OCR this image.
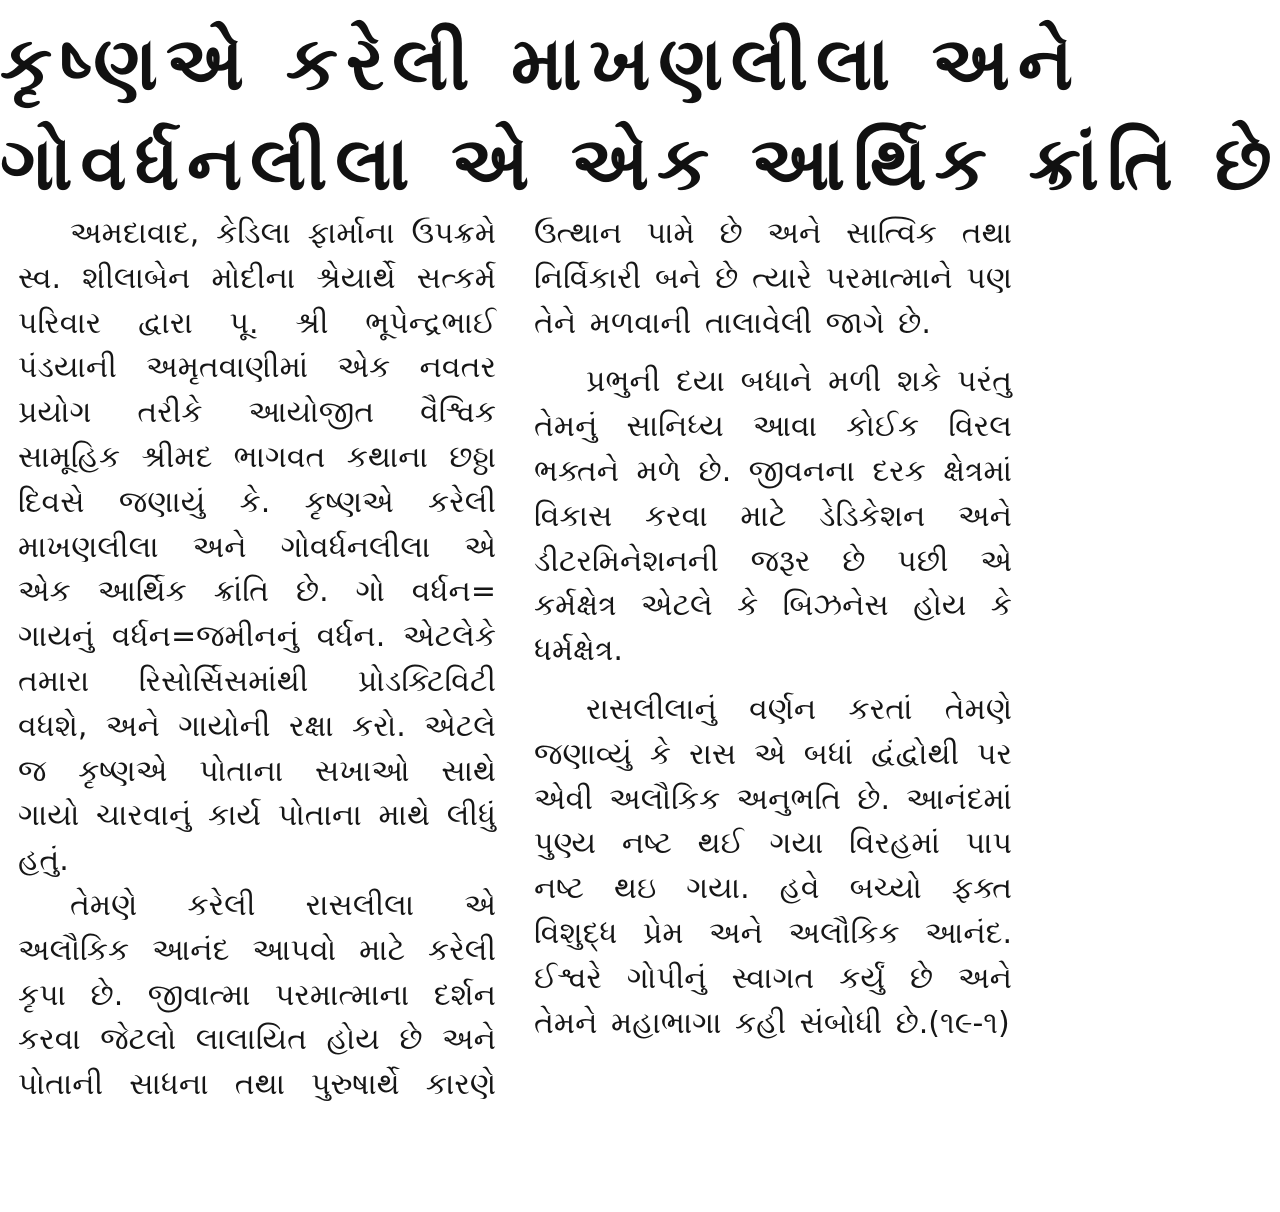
કૃષ્ણએ કરેલી માખણલીલા અને
ગોવર્ધનલીલા એ એક આર્થિક ક્રાંતિ છે

અમદાવાદ, કેડિલા ફાર્માના ઉપક્રમે સ્વ. શીલાબેન મોદીના શ્રેયાર્થે સત્કર્મ પરિવાર દ્વારા પૂ. શ્રી ભૂપેન્દ્રભાઈ પંડયાની અમૃતવાણીમાં એક નવતર પ્રયોગ તરીકે આયોજીત વૈશ્વિક સામૂહિક શ્રીમદ ભાગવત કથાના છઠ્ઠા દિવસે જણાયું કે. કૃષ્ણએ કરેલી માખણલીલા અને ગોવર્ધનલીલા એ એક આર્થિક ક્રાંતિ છે. ગો વર્ધન= ગાયનું વર્ધન=જમીનનું વર્ધન. એટલેકે તમારા રિસોર્સિસમાંથી પ્રોડક્ટિવિટી વધશે, અને ગાયોની રક્ષા કરો. એટલે જ કૃષ્ણએ પોતાના સખાઓ સાથે ગાયો ચારવાનું કાર્ય પોતાના માથે લીધું હતું.

તેમણે કરેલી રાસલીલા એ અલૌકિક આનંદ આપવો માટે કરેલી કૃપા છે. જીવાત્મા પરમાત્માના દર્શન કરવા જેટલો લાલાયિત હોય છે અને પોતાની સાધના તથા પુરુષાર્થે કારણે

ઉત્થાન પામે છે અને સાત્વિક તથા નિર્વિકારી બને છે ત્યારે પરમાત્માને પણ તેને મળવાની તાલાવેલી જાગે છે.

પ્રભુની દયા બધાને મળી શકે પરંતુ તેમનું સાનિધ્ય આવા કોઈક વિરલ ભક્તને મળે છે. જીવનના દરક ક્ષેત્રમાં વિકાસ કરવા માટે ડેડિકેશન અને ડીટરમિનેશનની જરૂર છે પછી એ કર્મક્ષેત્ર એટલે કે બિઝનેસ હોય કે ધર્મક્ષેત્ર.

રાસલીલાનું વર્ણન કરતાં તેમણે જણાવ્યું કે રાસ એ બધાં દ્વંદ્વોથી પર એવી અલૌકિક અનુભતિ છે. આનંદમાં પુણ્ય નષ્ટ થઈ ગયા વિરહમાં પાપ નષ્ટ થઇ ગયા. હવે બચ્યો ફક્ત વિશુદ્ધ પ્રેમ અને અલૌકિક આનંદ. ઈશ્વરે ગોપીનું સ્વાગત કર્યું છે અને તેમને મહાભાગા કહી સંબોધી છે.(૧૯-૧)
